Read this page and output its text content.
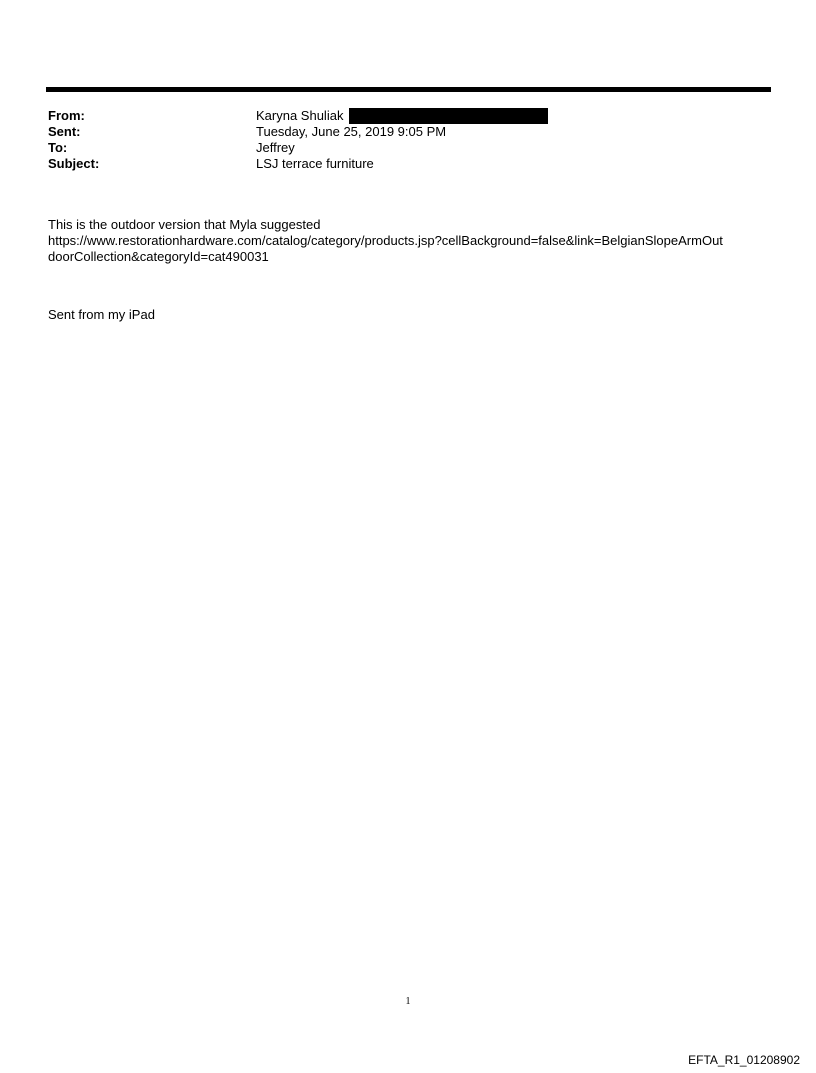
From:	Karyna Shuliak
Sent:	Tuesday, June 25, 2019 9:05 PM
To:	Jeffrey
Subject:	LSJ terrace furniture

This is the outdoor version that Myla suggested

https://www.restorationhardware.com/catalog/category/products.jsp?cellBackground=false&link=BelgianSlopeArmOut

doorCollection&categoryId=cat490031

Sent from my iPad

1
EFTA_R1_01208902
